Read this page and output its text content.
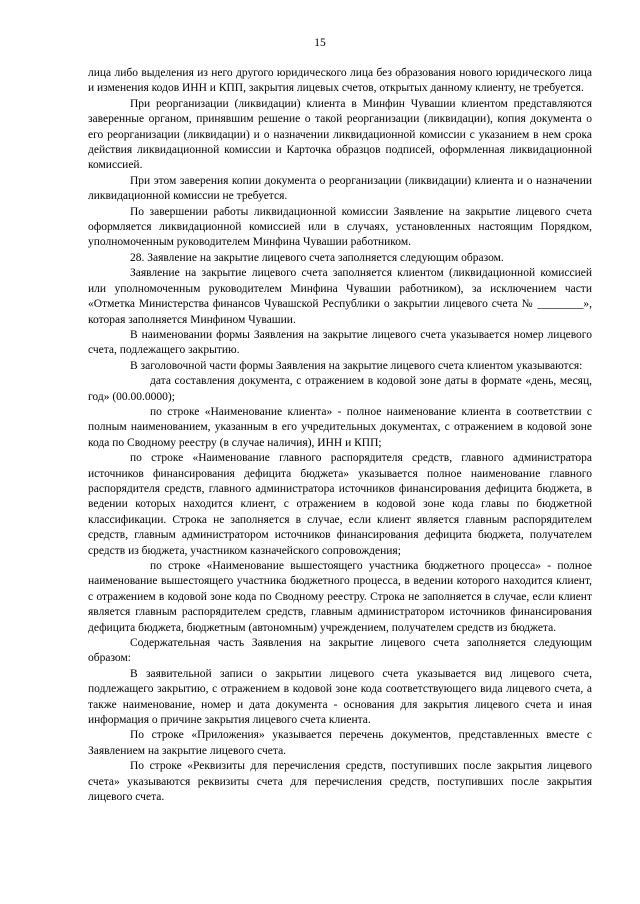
15

лица либо выделения из него другого юридического лица без образования нового юридического лица и изменения кодов ИНН и КПП, закрытия лицевых счетов, открытых данному клиенту, не требуется.

При реорганизации (ликвидации) клиента в Минфин Чувашии клиентом представляются заверенные органом, принявшим решение о такой реорганизации (ликвидации), копия документа о его реорганизации (ликвидации) и о назначении ликвидационной комиссии с указанием в нем срока действия ликвидационной комиссии и Карточка образцов подписей, оформленная ликвидационной комиссией.

При этом заверения копии документа о реорганизации (ликвидации) клиента и о назначении ликвидационной комиссии не требуется.

По завершении работы ликвидационной комиссии Заявление на закрытие лицевого счета оформляется ликвидационной комиссией или в случаях, установленных настоящим Порядком, уполномоченным руководителем Минфина Чувашии работником.

28. Заявление на закрытие лицевого счета заполняется следующим образом.

Заявление на закрытие лицевого счета заполняется клиентом (ликвидационной комиссией или уполномоченным руководителем Минфина Чувашии работником), за исключением части «Отметка Министерства финансов Чувашской Республики о закрытии лицевого счета № ________», которая заполняется Минфином Чувашии.

В наименовании формы Заявления на закрытие лицевого счета указывается номер лицевого счета, подлежащего закрытию.

В заголовочной части формы Заявления на закрытие лицевого счета клиентом указываются:

дата составления документа, с отражением в кодовой зоне даты в формате «день, месяц, год» (00.00.0000);

по строке «Наименование клиента» - полное наименование клиента в соответствии с полным наименованием, указанным в его учредительных документах, с отражением в кодовой зоне кода по Сводному реестру (в случае наличия), ИНН и КПП;

по строке «Наименование главного распорядителя средств, главного администратора источников финансирования дефицита бюджета» указывается полное наименование главного распорядителя средств, главного администратора источников финансирования дефицита бюджета, в ведении которых находится клиент, с отражением в кодовой зоне кода главы по бюджетной классификации. Строка не заполняется в случае, если клиент является главным распорядителем средств, главным администратором источников финансирования дефицита бюджета, получателем средств из бюджета, участником казначейского сопровождения;

по строке «Наименование вышестоящего участника бюджетного процесса» - полное наименование вышестоящего участника бюджетного процесса, в ведении которого находится клиент, с отражением в кодовой зоне кода по Сводному реестру. Строка не заполняется в случае, если клиент является главным распорядителем средств, главным администратором источников финансирования дефицита бюджета, бюджетным (автономным) учреждением, получателем средств из бюджета.

Содержательная часть Заявления на закрытие лицевого счета заполняется следующим образом:

В заявительной записи о закрытии лицевого счета указывается вид лицевого счета, подлежащего закрытию, с отражением в кодовой зоне кода соответствующего вида лицевого счета, а также наименование, номер и дата документа - основания для закрытия лицевого счета и иная информация о причине закрытия лицевого счета клиента.

По строке «Приложения» указывается перечень документов, представленных вместе с Заявлением на закрытие лицевого счета.

По строке «Реквизиты для перечисления средств, поступивших после закрытия лицевого счета» указываются реквизиты счета для перечисления средств, поступивших после закрытия лицевого счета.
